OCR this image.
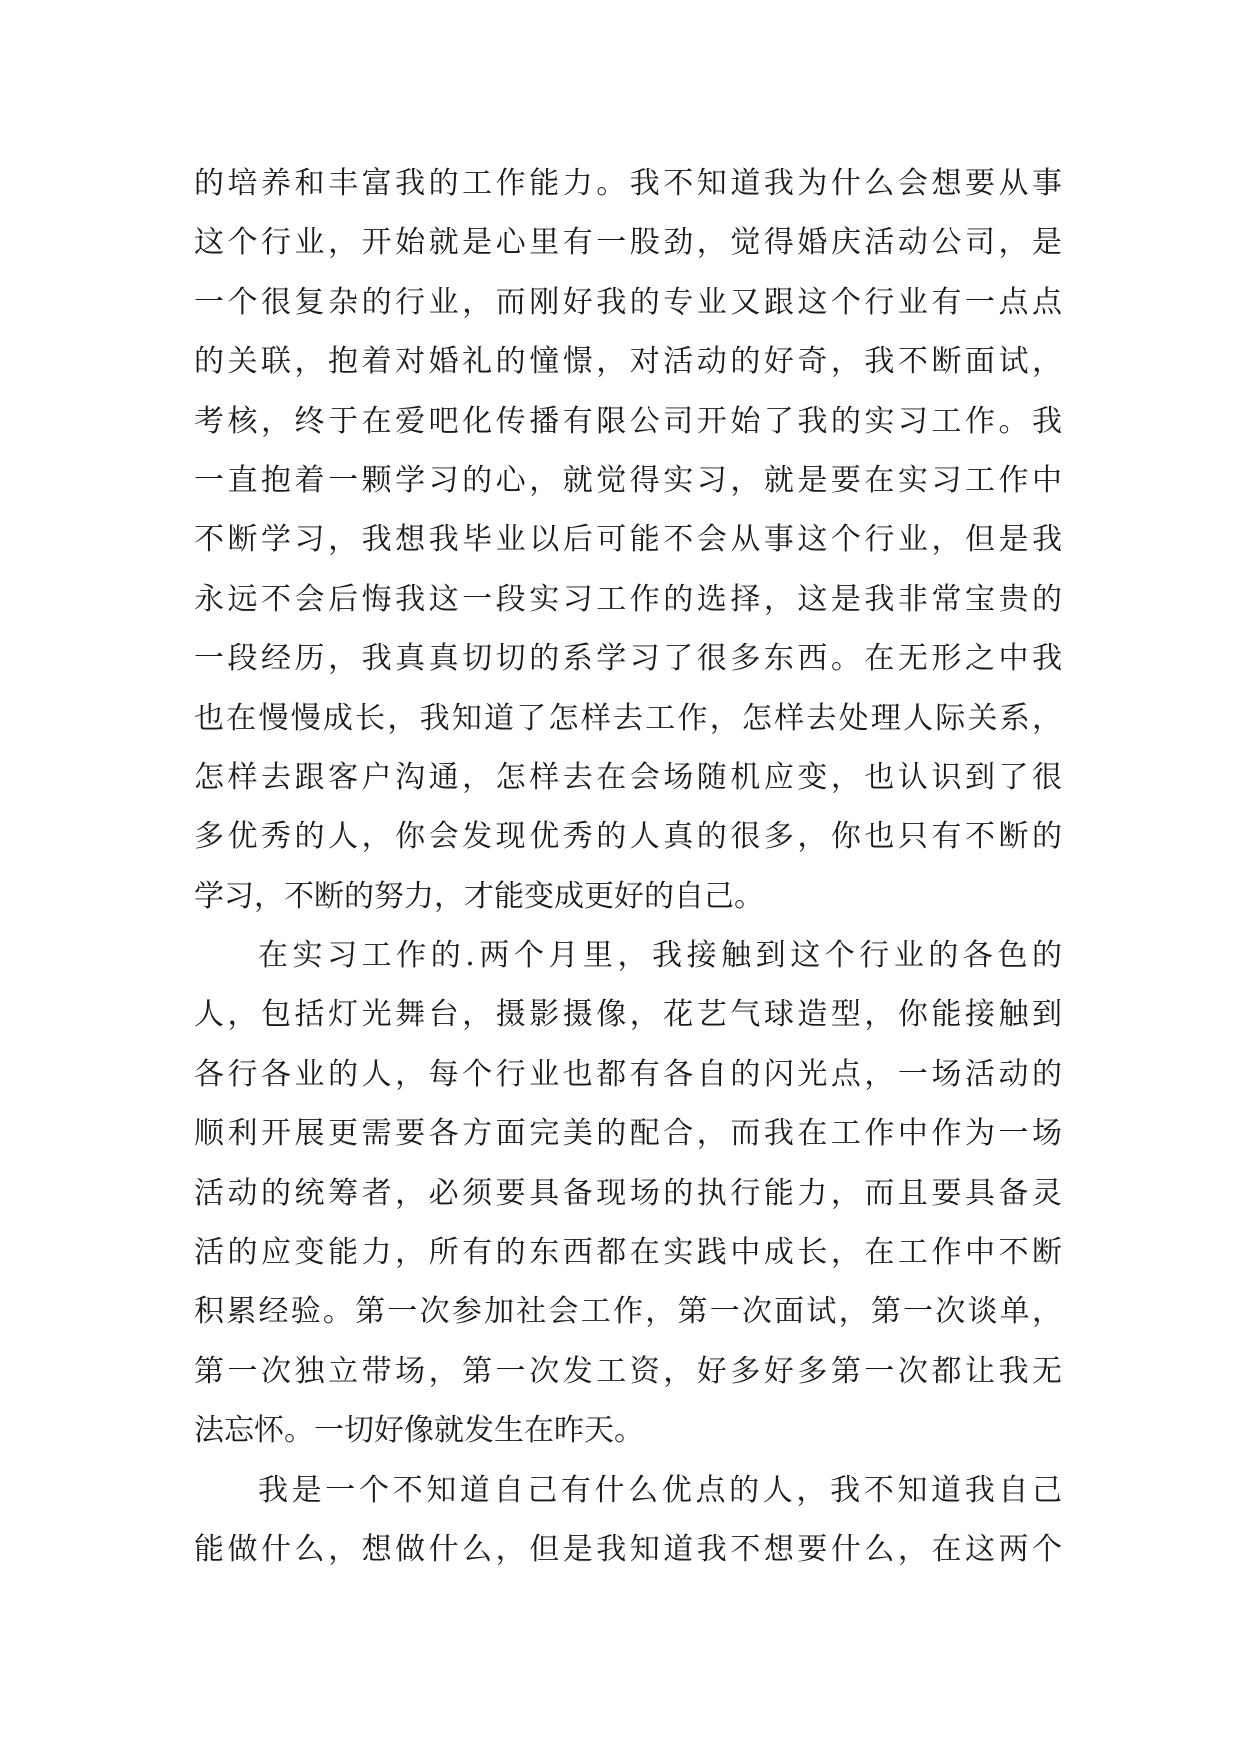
的培养和丰富我的工作能力。我不知道我为什么会想要从事
这个行业，开始就是心里有一股劲，觉得婚庆活动公司，是
一个很复杂的行业，而刚好我的专业又跟这个行业有一点点
的关联，抱着对婚礼的憧憬，对活动的好奇，我不断面试，
考核，终于在爱吧化传播有限公司开始了我的实习工作。我
一直抱着一颗学习的心，就觉得实习，就是要在实习工作中
不断学习，我想我毕业以后可能不会从事这个行业，但是我
永远不会后悔我这一段实习工作的选择，这是我非常宝贵的
一段经历，我真真切切的系学习了很多东西。在无形之中我
也在慢慢成长，我知道了怎样去工作，怎样去处理人际关系，
怎样去跟客户沟通，怎样去在会场随机应变，也认识到了很
多优秀的人，你会发现优秀的人真的很多，你也只有不断的
学习，不断的努力，才能变成更好的自己。
在实习工作的.两个月里，我接触到这个行业的各色的
人，包括灯光舞台，摄影摄像，花艺气球造型，你能接触到
各行各业的人，每个行业也都有各自的闪光点，一场活动的
顺利开展更需要各方面完美的配合，而我在工作中作为一场
活动的统筹者，必须要具备现场的执行能力，而且要具备灵
活的应变能力，所有的东西都在实践中成长，在工作中不断
积累经验。第一次参加社会工作，第一次面试，第一次谈单，
第一次独立带场，第一次发工资，好多好多第一次都让我无
法忘怀。一切好像就发生在昨天。
我是一个不知道自己有什么优点的人，我不知道我自己
能做什么，想做什么，但是我知道我不想要什么，在这两个
